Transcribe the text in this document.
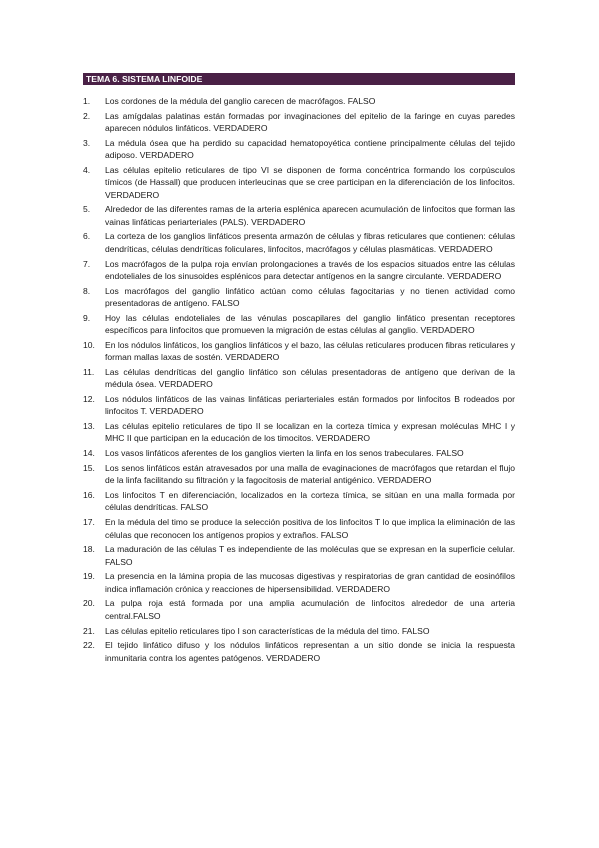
TEMA 6. SISTEMA LINFOIDE
1.	Los cordones de la médula del ganglio carecen de macrófagos. FALSO
2.	Las amígdalas palatinas están formadas por invaginaciones del epitelio de la faringe en cuyas paredes aparecen nódulos linfáticos. VERDADERO
3.	La médula ósea que ha perdido su capacidad hematopoyética contiene principalmente células del tejido adiposo. VERDADERO
4.	Las células epitelio reticulares de tipo VI se disponen de forma concéntrica formando los corpúsculos tímicos (de Hassall) que producen interleucinas que se cree participan en la diferenciación de los linfocitos. VERDADERO
5.	Alrededor de las diferentes ramas de la arteria esplénica aparecen acumulación de linfocitos que forman las vainas linfáticas periarteriales (PALS). VERDADERO
6.	La corteza de los ganglios linfáticos presenta armazón de células y fibras reticulares que contienen: células dendríticas, células dendríticas foliculares, linfocitos, macrófagos y células plasmáticas. VERDADERO
7.	Los macrófagos de la pulpa roja envían prolongaciones a través de los espacios situados entre las células endoteliales de los sinusoides esplénicos para detectar antígenos en la sangre circulante. VERDADERO
8.	Los macrófagos del ganglio linfático actúan como células fagocitarias y no tienen actividad como presentadoras de antígeno. FALSO
9.	Hoy las células endoteliales de las vénulas poscapilares del ganglio linfático presentan receptores específicos para linfocitos que promueven la migración de estas células al ganglio. VERDADERO
10.	En los nódulos linfáticos, los ganglios linfáticos y el bazo, las células reticulares producen fibras reticulares y forman mallas laxas de sostén. VERDADERO
11.	Las células dendríticas del ganglio linfático son células presentadoras de antígeno que derivan de la médula ósea. VERDADERO
12.	Los nódulos linfáticos de las vainas linfáticas periarteriales están formados por linfocitos B rodeados por linfocitos T. VERDADERO
13.	Las células epitelio reticulares de tipo II se localizan en la corteza tímica y expresan moléculas MHC I y MHC II que participan en la educación de los timocitos. VERDADERO
14.	Los vasos linfáticos aferentes de los ganglios vierten la linfa en los senos trabeculares. FALSO
15.	Los senos linfáticos están atravesados por una malla de evaginaciones de macrófagos que retardan el flujo de la linfa facilitando su filtración y la fagocitosis de material antigénico. VERDADERO
16.	Los linfocitos T en diferenciación, localizados en la corteza tímica, se sitúan en una malla formada por células dendríticas. FALSO
17.	En la médula del timo se produce la selección positiva de los linfocitos T lo que implica la eliminación de las células que reconocen los antígenos propios y extraños. FALSO
18.	La maduración de las células T es independiente de las moléculas que se expresan en la superficie celular. FALSO
19.	La presencia en la lámina propia de las mucosas digestivas y respiratorias de gran cantidad de eosinófilos indica inflamación crónica y reacciones de hipersensibilidad. VERDADERO
20.	La pulpa roja está formada por una amplia acumulación de linfocitos alrededor de una arteria central.FALSO
21.	Las células epitelio reticulares tipo I son características de la médula del timo. FALSO
22.	El tejido linfático difuso y los nódulos linfáticos representan a un sitio donde se inicia la respuesta inmunitaria contra los agentes patógenos. VERDADERO
